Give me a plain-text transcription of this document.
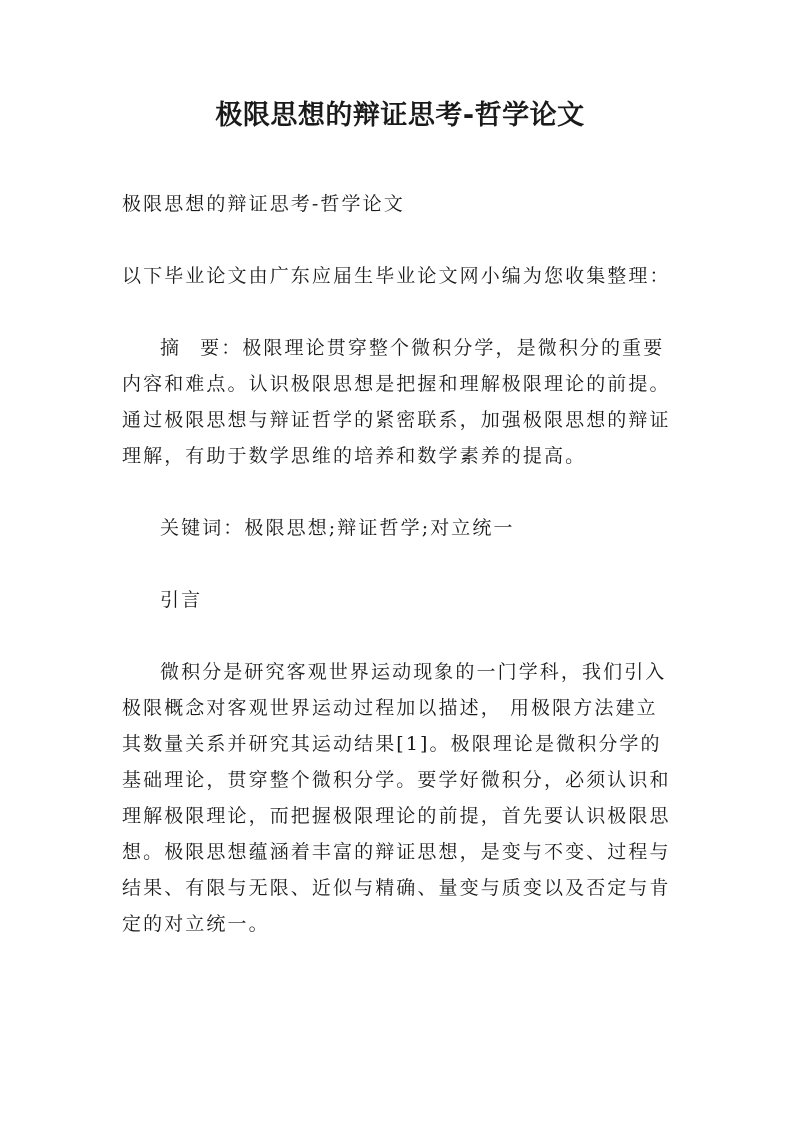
极限思想的辩证思考-哲学论文

极限思想的辩证思考-哲学论文

以下毕业论文由广东应届生毕业论文网小编为您收集整理：

摘 要：极限理论贯穿整个微积分学，是微积分的重要
内容和难点。认识极限思想是把握和理解极限理论的前提。
通过极限思想与辩证哲学的紧密联系，加强极限思想的辩证
理解，有助于数学思维的培养和数学素养的提高。

关键词：极限思想;辩证哲学;对立统一

引言

微积分是研究客观世界运动现象的一门学科，我们引入
极限概念对客观世界运动过程加以描述， 用极限方法建立
其数量关系并研究其运动结果[1]。极限理论是微积分学的
基础理论，贯穿整个微积分学。要学好微积分，必须认识和
理解极限理论，而把握极限理论的前提，首先要认识极限思
想。极限思想蕴涵着丰富的辩证思想，是变与不变、过程与
结果、有限与无限、近似与精确、量变与质变以及否定与肯
定的对立统一。
